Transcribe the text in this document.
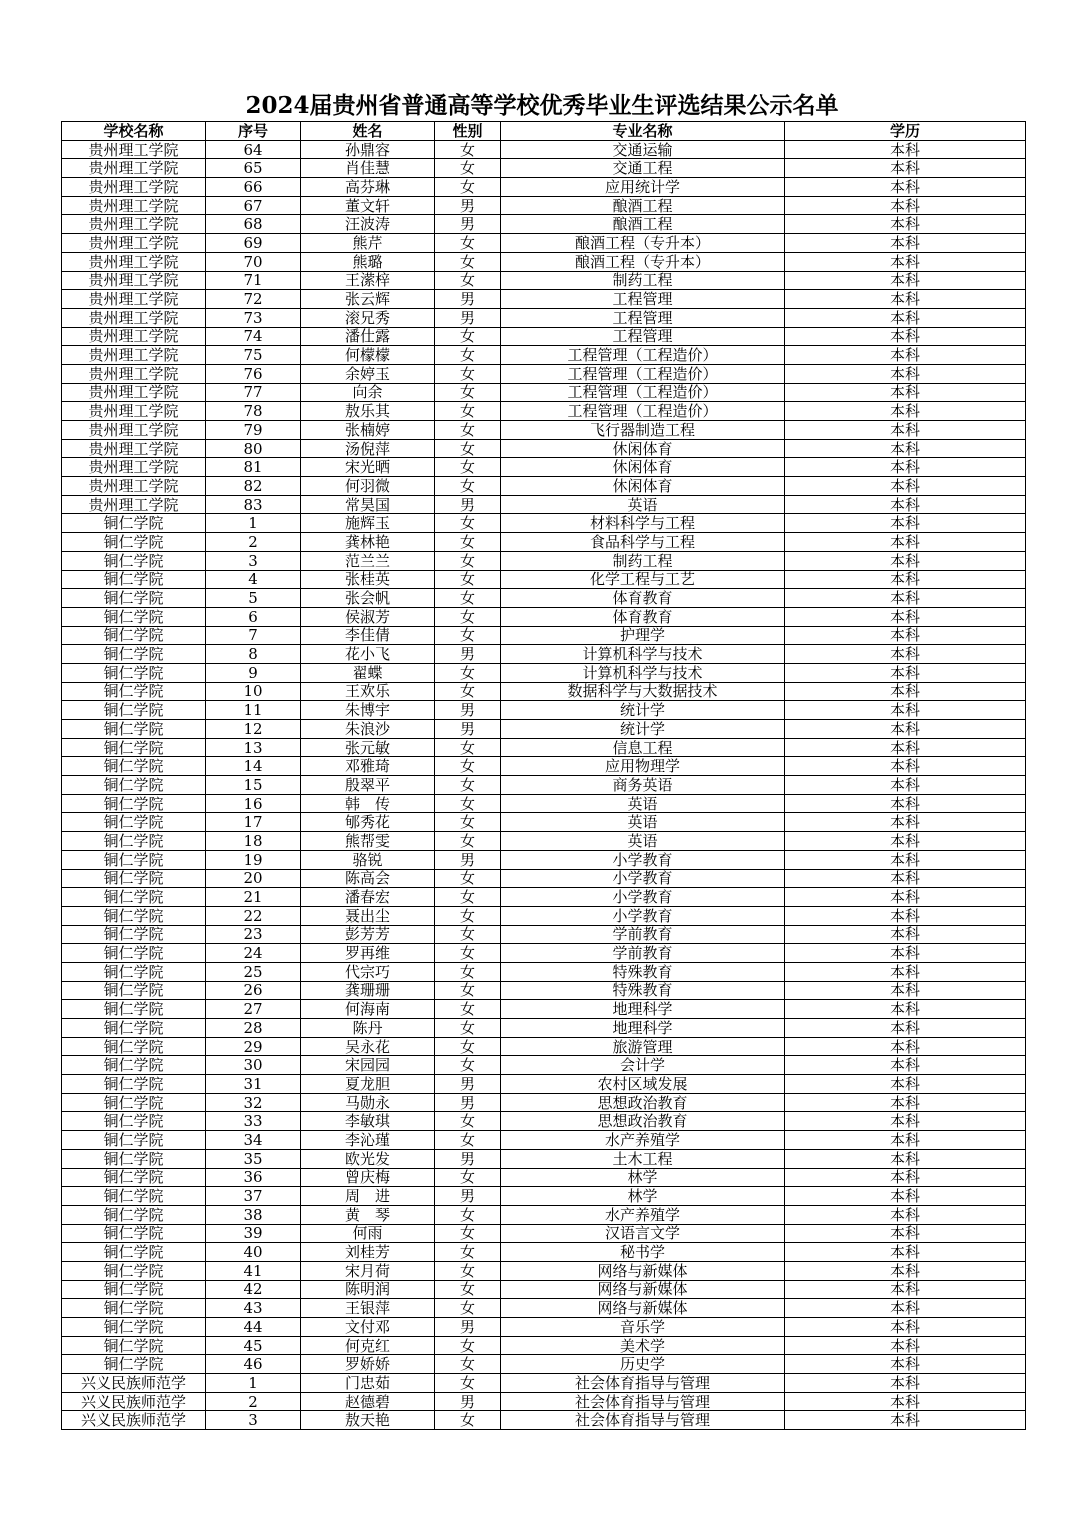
2024届贵州省普通高等学校优秀毕业生评选结果公示名单
学校名称	序号	姓名	性别	专业名称	学历
贵州理工学院	64	孙鼎容	女	交通运输	本科
贵州理工学院	65	肖佳慧	女	交通工程	本科
贵州理工学院	66	高芬琳	女	应用统计学	本科
贵州理工学院	67	董文轩	男	酿酒工程	本科
贵州理工学院	68	汪波涛	男	酿酒工程	本科
贵州理工学院	69	熊芹	女	酿酒工程（专升本）	本科
贵州理工学院	70	熊璐	女	酿酒工程（专升本）	本科
贵州理工学院	71	王潆梓	女	制药工程	本科
贵州理工学院	72	张云辉	男	工程管理	本科
贵州理工学院	73	滚兄秀	男	工程管理	本科
贵州理工学院	74	潘仕露	女	工程管理	本科
贵州理工学院	75	何檬檬	女	工程管理（工程造价）	本科
贵州理工学院	76	余婷玉	女	工程管理（工程造价）	本科
贵州理工学院	77	向余	女	工程管理（工程造价）	本科
贵州理工学院	78	敖乐其	女	工程管理（工程造价）	本科
贵州理工学院	79	张楠婷	女	飞行器制造工程	本科
贵州理工学院	80	汤倪萍	女	休闲体育	本科
贵州理工学院	81	宋光晒	女	休闲体育	本科
贵州理工学院	82	何羽微	女	休闲体育	本科
贵州理工学院	83	常昊国	男	英语	本科
铜仁学院	1	施辉玉	女	材料科学与工程	本科
铜仁学院	2	龚林艳	女	食品科学与工程	本科
铜仁学院	3	范兰兰	女	制药工程	本科
铜仁学院	4	张桂英	女	化学工程与工艺	本科
铜仁学院	5	张会帆	女	体育教育	本科
铜仁学院	6	侯淑芳	女	体育教育	本科
铜仁学院	7	李佳倩	女	护理学	本科
铜仁学院	8	花小飞	男	计算机科学与技术	本科
铜仁学院	9	翟蝶	女	计算机科学与技术	本科
铜仁学院	10	王欢乐	女	数据科学与大数据技术	本科
铜仁学院	11	朱博宇	男	统计学	本科
铜仁学院	12	朱浪沙	男	统计学	本科
铜仁学院	13	张元敏	女	信息工程	本科
铜仁学院	14	邓雅琦	女	应用物理学	本科
铜仁学院	15	殷翠平	女	商务英语	本科
铜仁学院	16	韩　传	女	英语	本科
铜仁学院	17	郇秀花	女	英语	本科
铜仁学院	18	熊帮雯	女	英语	本科
铜仁学院	19	骆锐	男	小学教育	本科
铜仁学院	20	陈高会	女	小学教育	本科
铜仁学院	21	潘春宏	女	小学教育	本科
铜仁学院	22	聂出尘	女	小学教育	本科
铜仁学院	23	彭芳芳	女	学前教育	本科
铜仁学院	24	罗再维	女	学前教育	本科
铜仁学院	25	代宗巧	女	特殊教育	本科
铜仁学院	26	龚珊珊	女	特殊教育	本科
铜仁学院	27	何海南	女	地理科学	本科
铜仁学院	28	陈丹	女	地理科学	本科
铜仁学院	29	吴永花	女	旅游管理	本科
铜仁学院	30	宋园园	女	会计学	本科
铜仁学院	31	夏龙胆	男	农村区域发展	本科
铜仁学院	32	马勋永	男	思想政治教育	本科
铜仁学院	33	李敏琪	女	思想政治教育	本科
铜仁学院	34	李沁瑾	女	水产养殖学	本科
铜仁学院	35	欧光发	男	土木工程	本科
铜仁学院	36	曾庆梅	女	林学	本科
铜仁学院	37	周　进	男	林学	本科
铜仁学院	38	黄　琴	女	水产养殖学	本科
铜仁学院	39	何雨	女	汉语言文学	本科
铜仁学院	40	刘桂芳	女	秘书学	本科
铜仁学院	41	宋月荷	女	网络与新媒体	本科
铜仁学院	42	陈明润	女	网络与新媒体	本科
铜仁学院	43	王银萍	女	网络与新媒体	本科
铜仁学院	44	文付邓	男	音乐学	本科
铜仁学院	45	何克红	女	美术学	本科
铜仁学院	46	罗娇娇	女	历史学	本科
兴义民族师范学	1	门忠茹	女	社会体育指导与管理	本科
兴义民族师范学	2	赵德碧	男	社会体育指导与管理	本科
兴义民族师范学	3	敖天艳	女	社会体育指导与管理	本科
